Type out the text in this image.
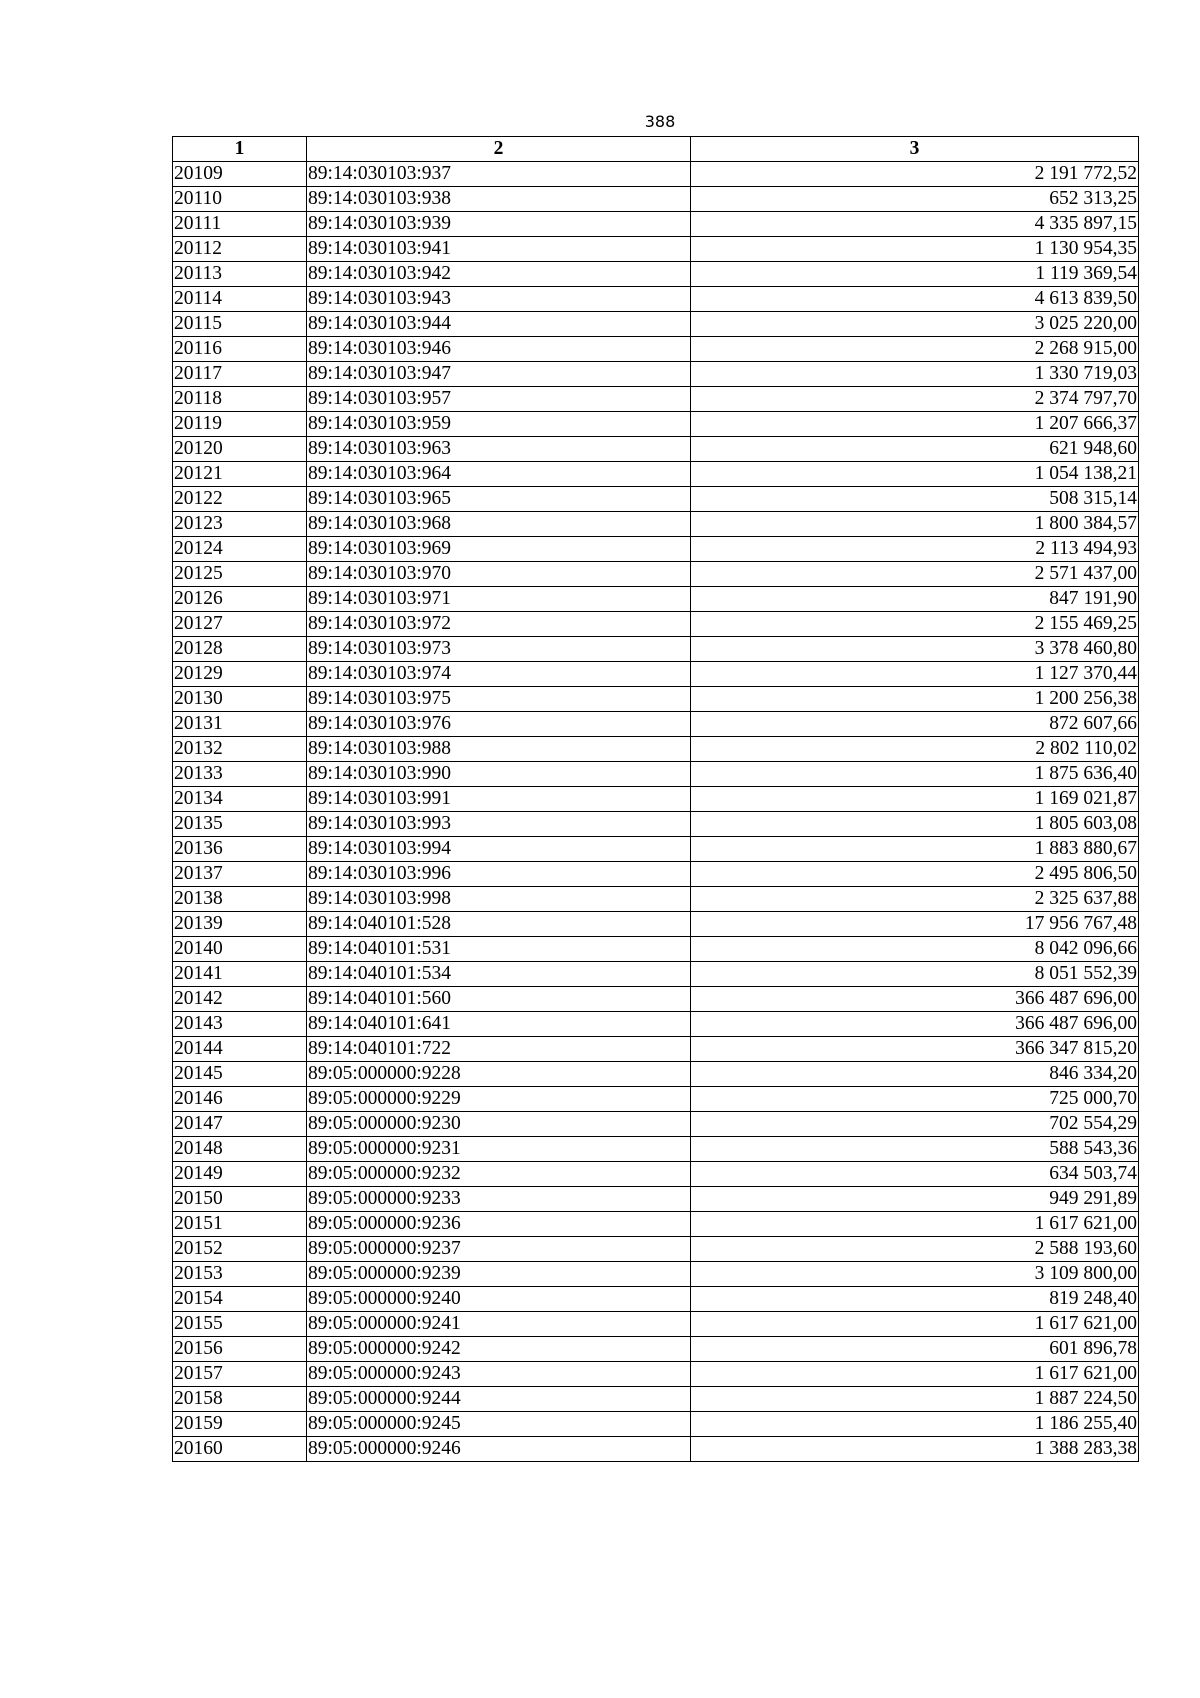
388
1	2	3
20109	89:14:030103:937	2 191 772,52
20110	89:14:030103:938	652 313,25
20111	89:14:030103:939	4 335 897,15
20112	89:14:030103:941	1 130 954,35
20113	89:14:030103:942	1 119 369,54
20114	89:14:030103:943	4 613 839,50
20115	89:14:030103:944	3 025 220,00
20116	89:14:030103:946	2 268 915,00
20117	89:14:030103:947	1 330 719,03
20118	89:14:030103:957	2 374 797,70
20119	89:14:030103:959	1 207 666,37
20120	89:14:030103:963	621 948,60
20121	89:14:030103:964	1 054 138,21
20122	89:14:030103:965	508 315,14
20123	89:14:030103:968	1 800 384,57
20124	89:14:030103:969	2 113 494,93
20125	89:14:030103:970	2 571 437,00
20126	89:14:030103:971	847 191,90
20127	89:14:030103:972	2 155 469,25
20128	89:14:030103:973	3 378 460,80
20129	89:14:030103:974	1 127 370,44
20130	89:14:030103:975	1 200 256,38
20131	89:14:030103:976	872 607,66
20132	89:14:030103:988	2 802 110,02
20133	89:14:030103:990	1 875 636,40
20134	89:14:030103:991	1 169 021,87
20135	89:14:030103:993	1 805 603,08
20136	89:14:030103:994	1 883 880,67
20137	89:14:030103:996	2 495 806,50
20138	89:14:030103:998	2 325 637,88
20139	89:14:040101:528	17 956 767,48
20140	89:14:040101:531	8 042 096,66
20141	89:14:040101:534	8 051 552,39
20142	89:14:040101:560	366 487 696,00
20143	89:14:040101:641	366 487 696,00
20144	89:14:040101:722	366 347 815,20
20145	89:05:000000:9228	846 334,20
20146	89:05:000000:9229	725 000,70
20147	89:05:000000:9230	702 554,29
20148	89:05:000000:9231	588 543,36
20149	89:05:000000:9232	634 503,74
20150	89:05:000000:9233	949 291,89
20151	89:05:000000:9236	1 617 621,00
20152	89:05:000000:9237	2 588 193,60
20153	89:05:000000:9239	3 109 800,00
20154	89:05:000000:9240	819 248,40
20155	89:05:000000:9241	1 617 621,00
20156	89:05:000000:9242	601 896,78
20157	89:05:000000:9243	1 617 621,00
20158	89:05:000000:9244	1 887 224,50
20159	89:05:000000:9245	1 186 255,40
20160	89:05:000000:9246	1 388 283,38
